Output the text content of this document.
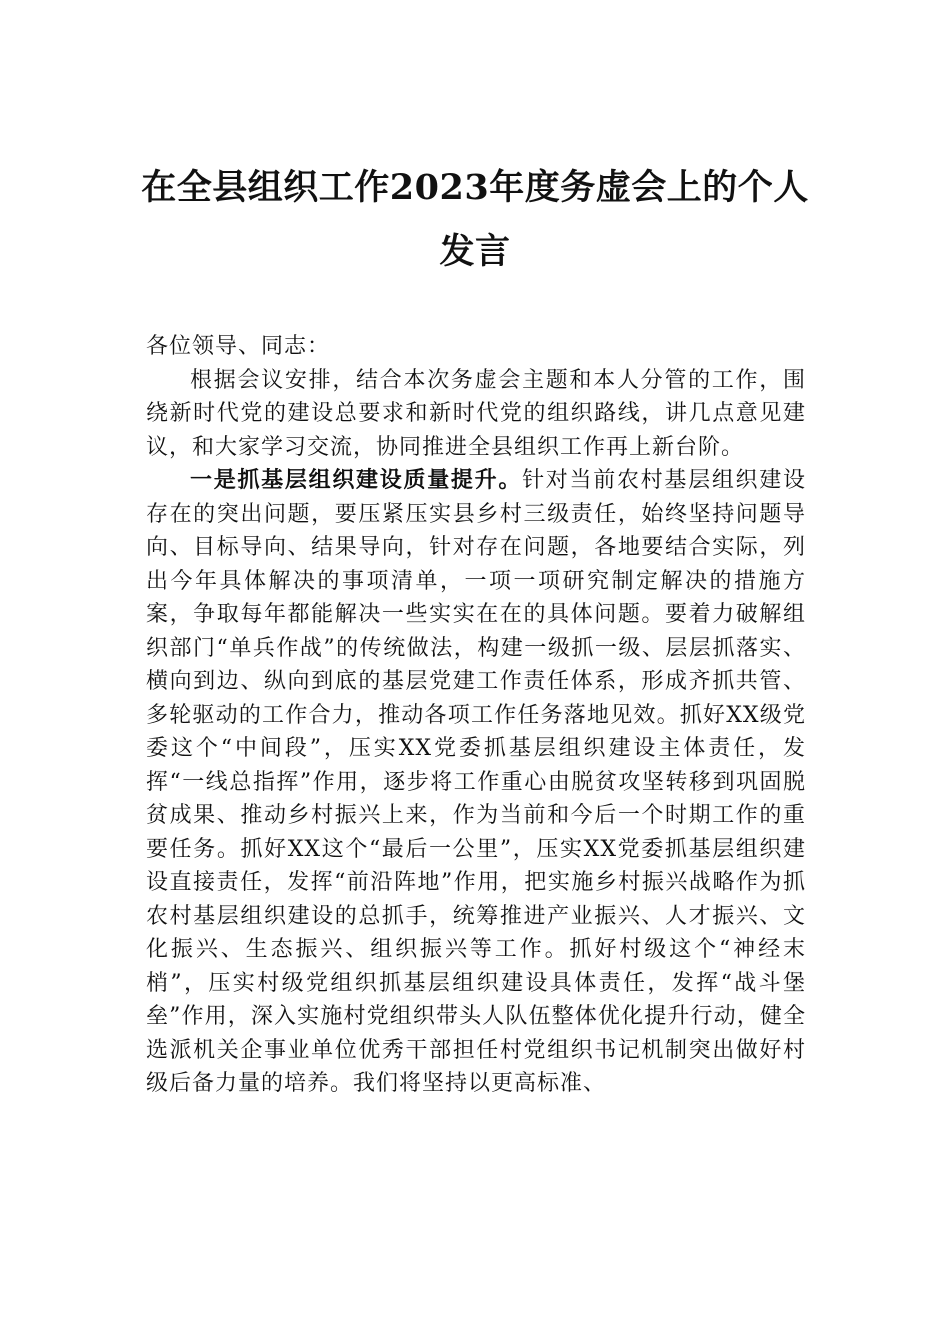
在全县组织工作2023年度务虚会上的个人
发言

各位领导、同志：

根据会议安排，结合本次务虚会主题和本人分管的工作，围绕新时代党的建设总要求和新时代党的组织路线，讲几点意见建议，和大家学习交流，协同推进全县组织工作再上新台阶。

一是抓基层组织建设质量提升。针对当前农村基层组织建设存在的突出问题，要压紧压实县乡村三级责任，始终坚持问题导向、目标导向、结果导向，针对存在问题，各地要结合实际，列出今年具体解决的事项清单，一项一项研究制定解决的措施方案，争取每年都能解决一些实实在在的具体问题。要着力破解组织部门“单兵作战”的传统做法，构建一级抓一级、层层抓落实、横向到边、纵向到底的基层党建工作责任体系，形成齐抓共管、多轮驱动的工作合力，推动各项工作任务落地见效。抓好XX级党委这个“中间段”，压实XX党委抓基层组织建设主体责任，发挥“一线总指挥”作用，逐步将工作重心由脱贫攻坚转移到巩固脱贫成果、推动乡村振兴上来，作为当前和今后一个时期工作的重要任务。抓好XX这个“最后一公里”，压实XX党委抓基层组织建设直接责任，发挥“前沿阵地”作用，把实施乡村振兴战略作为抓农村基层组织建设的总抓手，统筹推进产业振兴、人才振兴、文化振兴、生态振兴、组织振兴等工作。抓好村级这个“神经末梢”，压实村级党组织抓基层组织建设具体责任，发挥“战斗堡垒”作用，深入实施村党组织带头人队伍整体优化提升行动，健全选派机关企事业单位优秀干部担任村党组织书记机制突出做好村级后备力量的培养。我们将坚持以更高标准、
